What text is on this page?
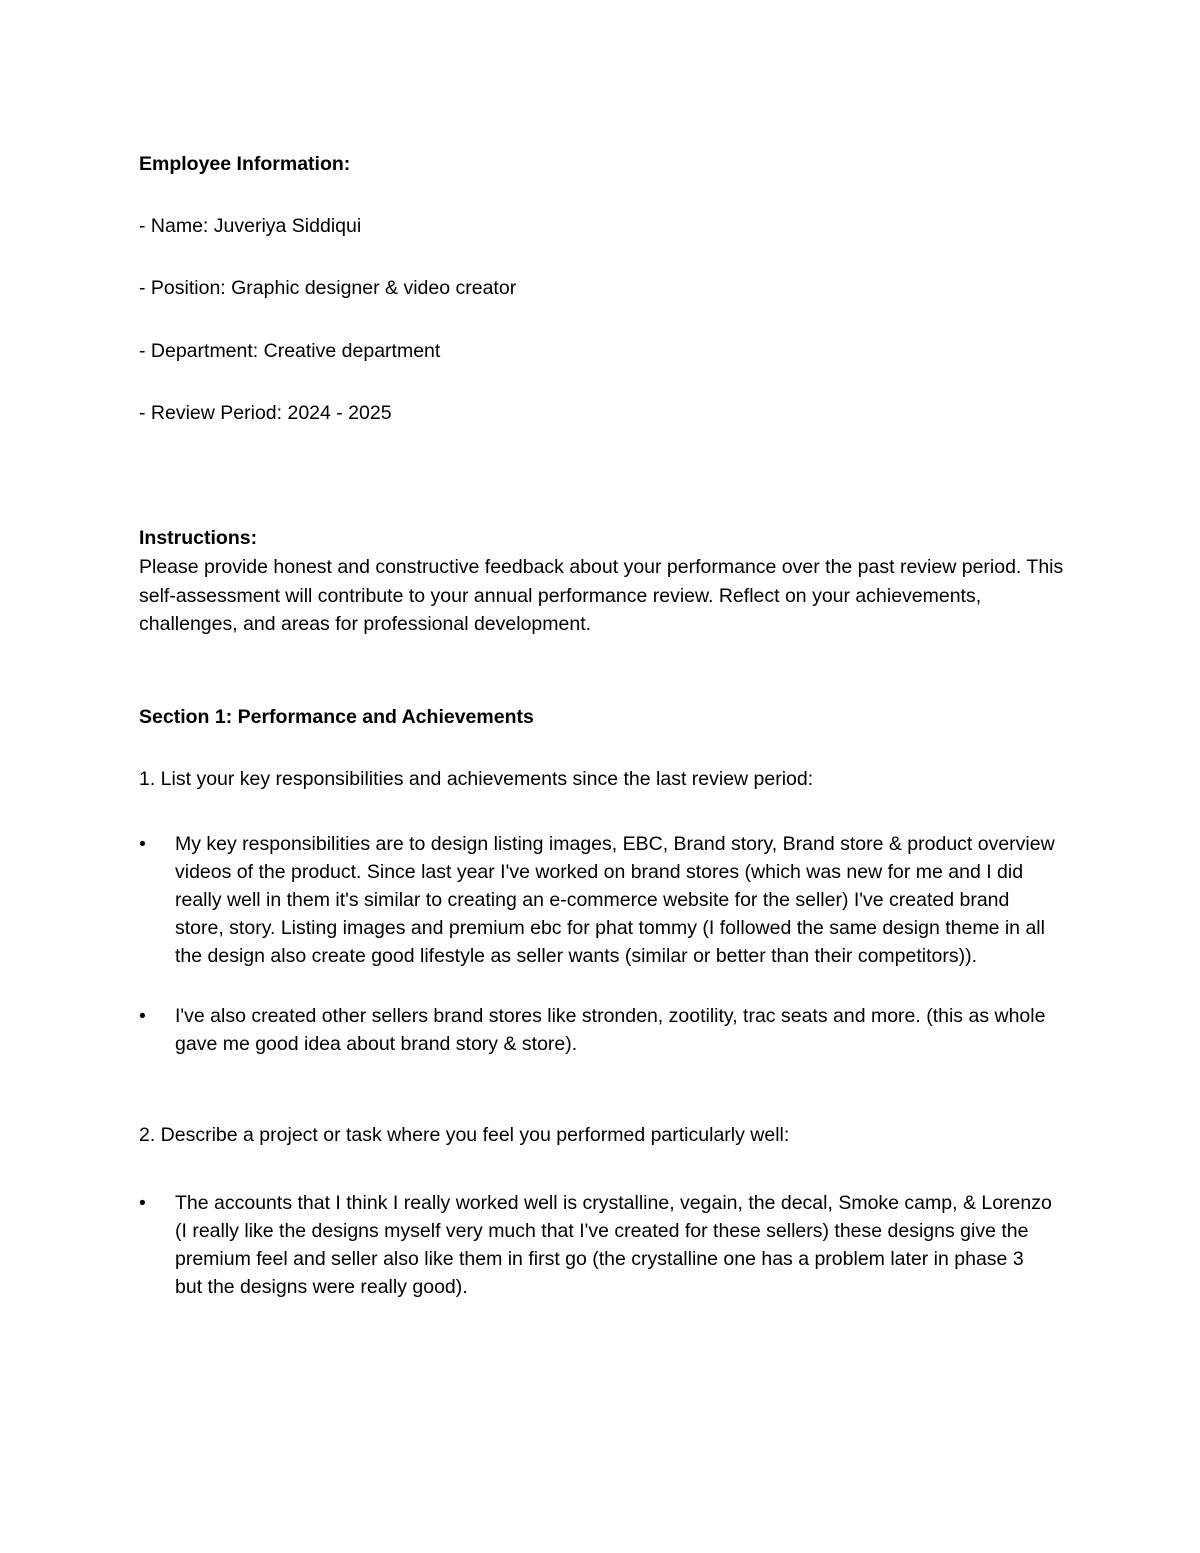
Employee Information:
- Name: Juveriya Siddiqui
- Position: Graphic designer & video creator
- Department: Creative department
- Review Period: 2024 - 2025
Instructions:
Please provide honest and constructive feedback about your performance over the past review period. This self-assessment will contribute to your annual performance review. Reflect on your achievements, challenges, and areas for professional development.
Section 1: Performance and Achievements
1. List your key responsibilities and achievements since the last review period:
•	My key responsibilities are to design listing images, EBC, Brand story, Brand store & product overview videos of the product. Since last year I've worked on brand stores (which was new for me and I did really well in them it's similar to creating an e-commerce website for the seller) I've created brand store, story. Listing images and premium ebc for phat tommy (I followed the same design theme in all the design also create good lifestyle as seller wants (similar or better than their competitors)).
•	I've also created other sellers brand stores like stronden, zootility, trac seats and more. (this as whole gave me good idea about brand story & store).
2. Describe a project or task where you feel you performed particularly well:
•	The accounts that I think I really worked well is crystalline, vegain, the decal, Smoke camp, & Lorenzo (I really like the designs myself very much that I've created for these sellers) these designs give the premium feel and seller also like them in first go (the crystalline one has a problem later in phase 3 but the designs were really good).
